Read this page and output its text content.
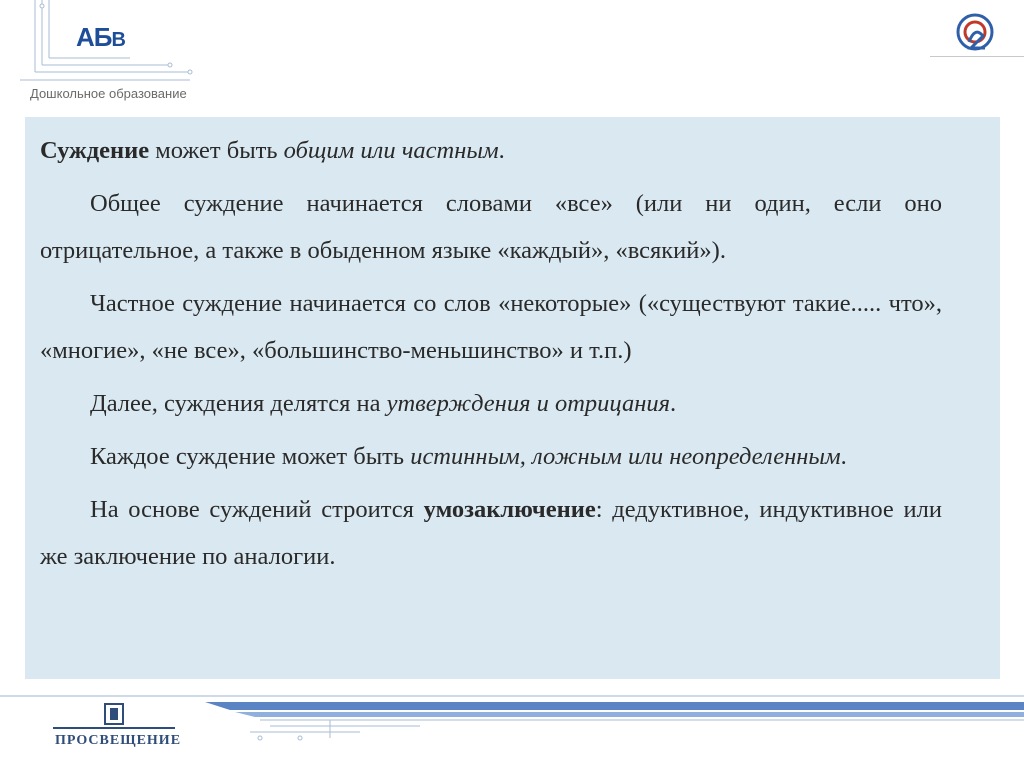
АБВ
Дошкольное образование

Суждение может быть общим или частным.

Общее суждение начинается словами «все» (или ни один, если оно отрицательное, а также в обыденном языке «каждый», «всякий»).

Частное суждение начинается со слов «некоторые» («существуют такие..... что», «многие», «не все», «большинство-меньшинство» и т.п.)

Далее, суждения делятся на утверждения и отрицания.

Каждое суждение может быть истинным, ложным или неопределенным.

На основе суждений строится умозаключение: дедуктивное, индуктивное или же заключение по аналогии.

ПРОСВЕЩЕНИЕ
